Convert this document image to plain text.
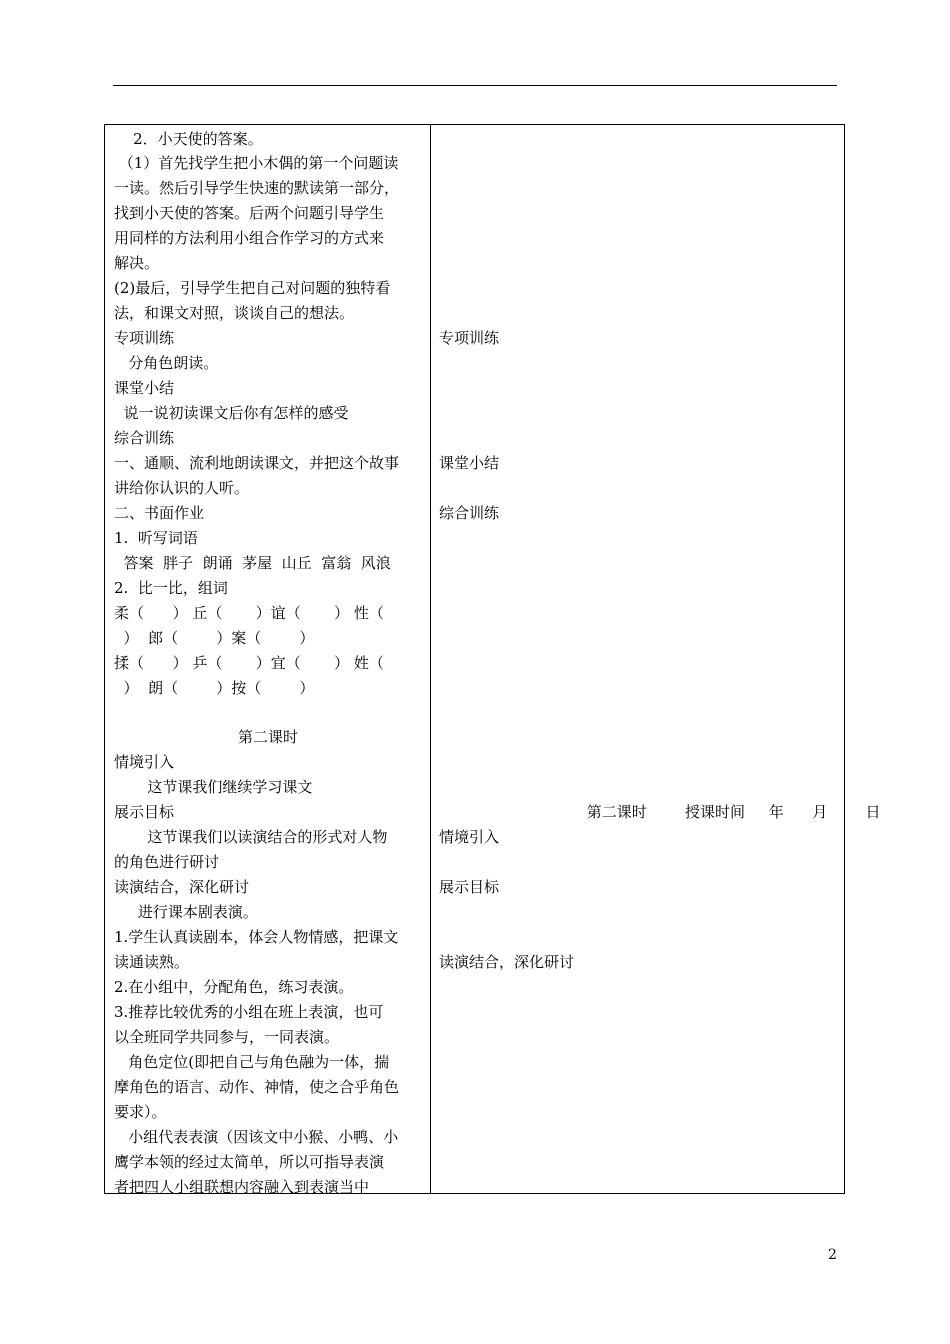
2．小天使的答案。
（1）首先找学生把小木偶的第一个问题读
一读。然后引导学生快速的默读第一部分，
找到小天使的答案。后两个问题引导学生
用同样的方法利用小组合作学习的方式来
解决。
(2)最后，引导学生把自己对问题的独特看
法，和课文对照，谈谈自己的想法。
专项训练
分角色朗读。
课堂小结
说一说初读课文后你有怎样的感受
综合训练
一、通顺、流利地朗读课文，并把这个故事
讲给你认识的人听。
二、书面作业
1.  听写词语
答案  胖子  朗诵  茅屋  山丘  富翁  风浪
2.  比一比，组词
柔（      ） 丘（       ）谊（       ） 性（
）  郎（        ）案（        ）
揉（      ） 乒（       ）宜（       ） 姓（
）  朗（        ）按（        ）
第二课时
情境引入
这节课我们继续学习课文
展示目标
这节课我们以读演结合的形式对人物
的角色进行研讨
读演结合，深化研讨
进行课本剧表演。
1.学生认真读剧本，体会人物情感，把课文
读通读熟。
2.在小组中，分配角色，练习表演。
3.推荐比较优秀的小组在班上表演，也可
以全班同学共同参与，一同表演。
角色定位(即把自己与角色融为一体，揣
摩角色的语言、动作、神情，使之合乎角色
要求）。
小组代表表演（因该文中小猴、小鸭、小
鹰学本领的经过太简单，所以可指导表演
者把四人小组联想内容融入到表演当中
专项训练
课堂小结
综合训练
第二课时        授课时间     年      月        日
情境引入
展示目标
读演结合，深化研讨
2
